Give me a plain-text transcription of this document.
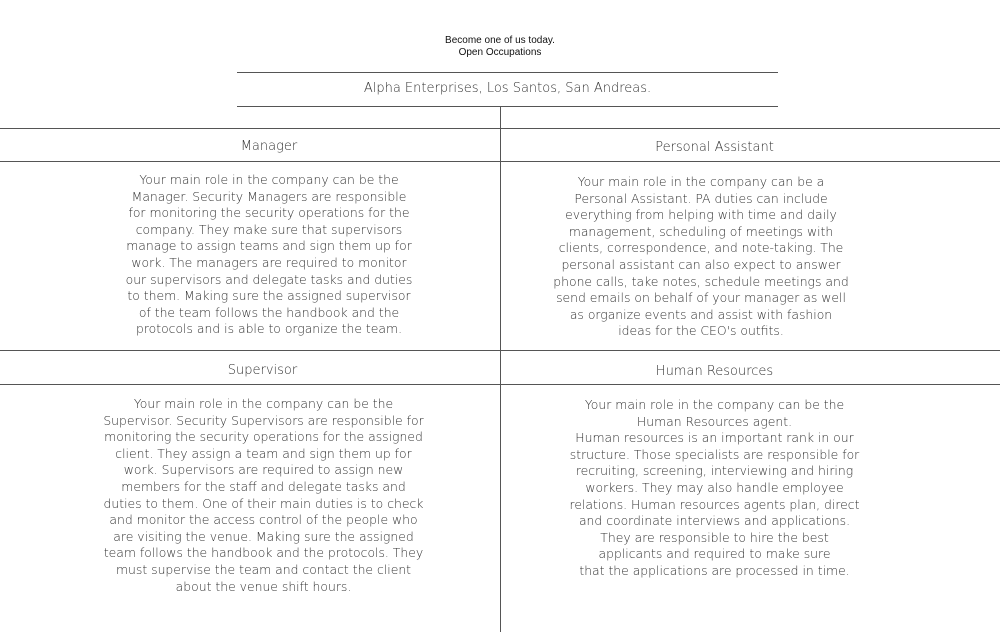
Become one of us today.
Open Occupations
Alpha Enterprises, Los Santos, San Andreas.
Manager
Your main role in the company can be the
Manager. Security Managers are responsible
for monitoring the security operations for the
company. They make sure that supervisors
manage to assign teams and sign them up for
work. The managers are required to monitor
our supervisors and delegate tasks and duties
to them. Making sure the assigned supervisor
of the team follows the handbook and the
protocols and is able to organize the team.
Personal Assistant
Your main role in the company can be a
Personal Assistant. PA duties can include
everything from helping with time and daily
management, scheduling of meetings with
clients, correspondence, and note-taking. The
personal assistant can also expect to answer
phone calls, take notes, schedule meetings and
send emails on behalf of your manager as well
as organize events and assist with fashion
ideas for the CEO's outfits.
Supervisor
Your main role in the company can be the
Supervisor. Security Supervisors are responsible for
monitoring the security operations for the assigned
client. They assign a team and sign them up for
work. Supervisors are required to assign new
members for the staff and delegate tasks and
duties to them. One of their main duties is to check
and monitor the access control of the people who
are visiting the venue. Making sure the assigned
team follows the handbook and the protocols. They
must supervise the team and contact the client
about the venue shift hours.
Human Resources
Your main role in the company can be the
Human Resources agent.
Human resources is an important rank in our
structure. Those specialists are responsible for
recruiting, screening, interviewing and hiring
workers. They may also handle employee
relations. Human resources agents plan, direct
and coordinate interviews and applications.
They are responsible to hire the best
applicants and required to make sure
that the applications are processed in time.
